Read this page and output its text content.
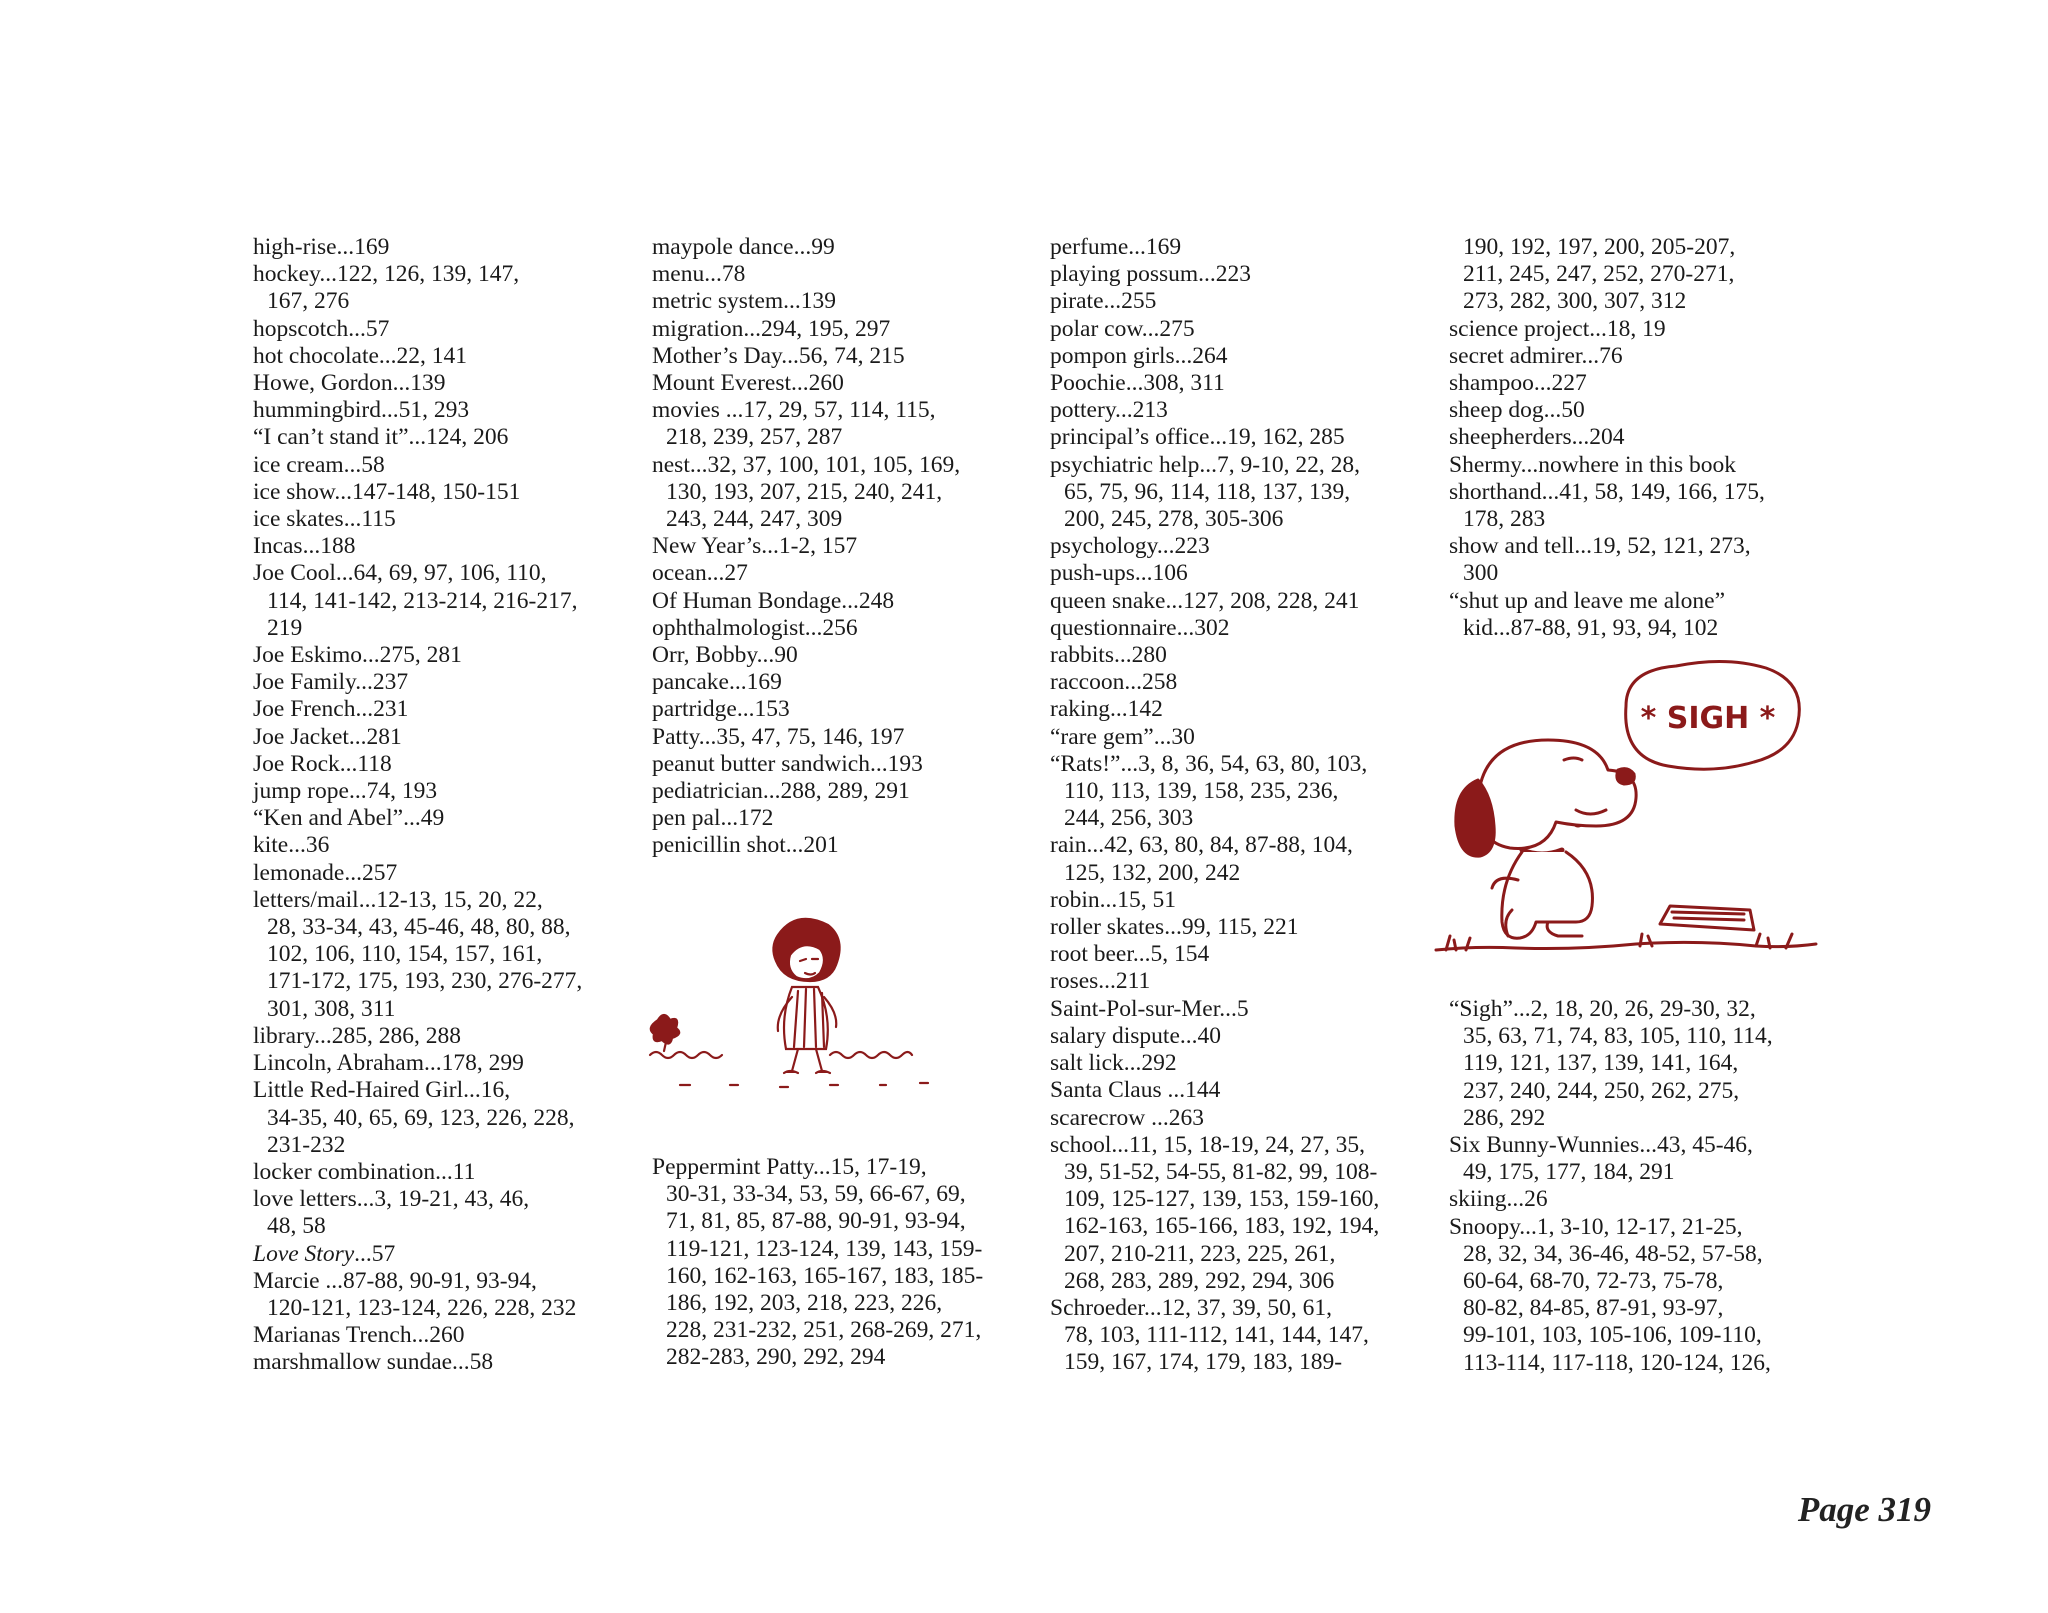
high-rise...169
hockey...122, 126, 139, 147,
167, 276
hopscotch...57
hot chocolate...22, 141
Howe, Gordon...139
hummingbird...51, 293
“I can’t stand it”...124, 206
ice cream...58
ice show...147-148, 150-151
ice skates...115
Incas...188
Joe Cool...64, 69, 97, 106, 110,
114, 141-142, 213-214, 216-217,
219
Joe Eskimo...275, 281
Joe Family...237
Joe French...231
Joe Jacket...281
Joe Rock...118
jump rope...74, 193
“Ken and Abel”...49
kite...36
lemonade...257
letters/mail...12-13, 15, 20, 22,
28, 33-34, 43, 45-46, 48, 80, 88,
102, 106, 110, 154, 157, 161,
171-172, 175, 193, 230, 276-277,
301, 308, 311
library...285, 286, 288
Lincoln, Abraham...178, 299
Little Red-Haired Girl...16,
34-35, 40, 65, 69, 123, 226, 228,
231-232
locker combination...11
love letters...3, 19-21, 43, 46,
48, 58
Love Story...57
Marcie ...87-88, 90-91, 93-94,
120-121, 123-124, 226, 228, 232
Marianas Trench...260
marshmallow sundae...58
maypole dance...99
menu...78
metric system...139
migration...294, 195, 297
Mother’s Day...56, 74, 215
Mount Everest...260
movies ...17, 29, 57, 114, 115,
218, 239, 257, 287
nest...32, 37, 100, 101, 105, 169,
130, 193, 207, 215, 240, 241,
243, 244, 247, 309
New Year’s...1-2, 157
ocean...27
Of Human Bondage...248
ophthalmologist...256
Orr, Bobby...90
pancake...169
partridge...153
Patty...35, 47, 75, 146, 197
peanut butter sandwich...193
pediatrician...288, 289, 291
pen pal...172
penicillin shot...201
Peppermint Patty...15, 17-19,
30-31, 33-34, 53, 59, 66-67, 69,
71, 81, 85, 87-88, 90-91, 93-94,
119-121, 123-124, 139, 143, 159-
160, 162-163, 165-167, 183, 185-
186, 192, 203, 218, 223, 226,
228, 231-232, 251, 268-269, 271,
282-283, 290, 292, 294
perfume...169
playing possum...223
pirate...255
polar cow...275
pompon girls...264
Poochie...308, 311
pottery...213
principal’s office...19, 162, 285
psychiatric help...7, 9-10, 22, 28,
65, 75, 96, 114, 118, 137, 139,
200, 245, 278, 305-306
psychology...223
push-ups...106
queen snake...127, 208, 228, 241
questionnaire...302
rabbits...280
raccoon...258
raking...142
“rare gem”...30
“Rats!”...3, 8, 36, 54, 63, 80, 103,
110, 113, 139, 158, 235, 236,
244, 256, 303
rain...42, 63, 80, 84, 87-88, 104,
125, 132, 200, 242
robin...15, 51
roller skates...99, 115, 221
root beer...5, 154
roses...211
Saint-Pol-sur-Mer...5
salary dispute...40
salt lick...292
Santa Claus ...144
scarecrow ...263
school...11, 15, 18-19, 24, 27, 35,
39, 51-52, 54-55, 81-82, 99, 108-
109, 125-127, 139, 153, 159-160,
162-163, 165-166, 183, 192, 194,
207, 210-211, 223, 225, 261,
268, 283, 289, 292, 294, 306
Schroeder...12, 37, 39, 50, 61,
78, 103, 111-112, 141, 144, 147,
159, 167, 174, 179, 183, 189-
190, 192, 197, 200, 205-207,
211, 245, 247, 252, 270-271,
273, 282, 300, 307, 312
science project...18, 19
secret admirer...76
shampoo...227
sheep dog...50
sheepherders...204
Shermy...nowhere in this book
shorthand...41, 58, 149, 166, 175,
178, 283
show and tell...19, 52, 121, 273,
300
“shut up and leave me alone”
kid...87-88, 91, 93, 94, 102
“Sigh”...2, 18, 20, 26, 29-30, 32,
35, 63, 71, 74, 83, 105, 110, 114,
119, 121, 137, 139, 141, 164,
237, 240, 244, 250, 262, 275,
286, 292
Six Bunny-Wunnies...43, 45-46,
49, 175, 177, 184, 291
skiing...26
Snoopy...1, 3-10, 12-17, 21-25,
28, 32, 34, 36-46, 48-52, 57-58,
60-64, 68-70, 72-73, 75-78,
80-82, 84-85, 87-91, 93-97,
99-101, 103, 105-106, 109-110,
113-114, 117-118, 120-124, 126,
* SIGH *
Page 319
